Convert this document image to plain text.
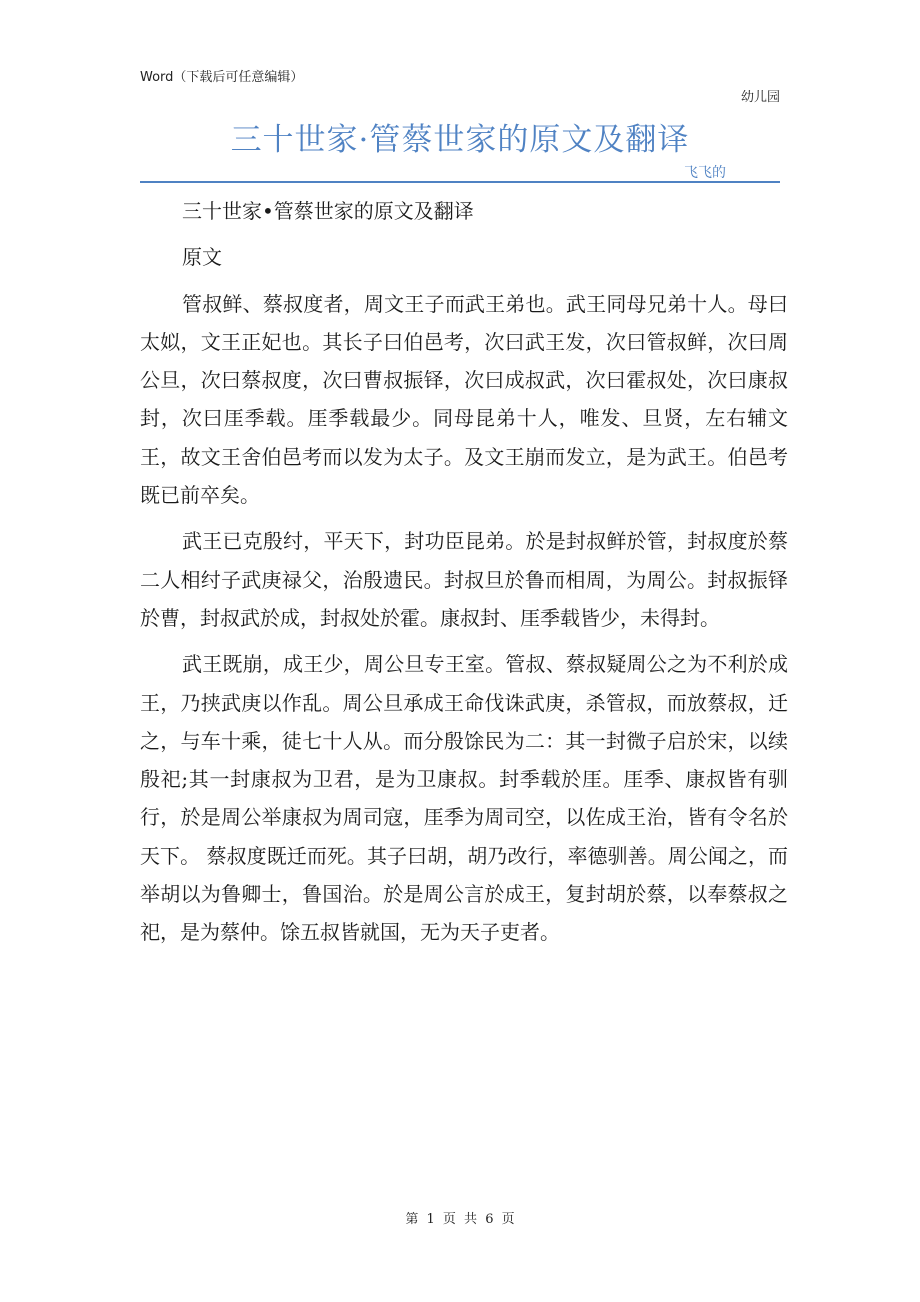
Word（下载后可任意编辑）
幼儿园
三十世家·管蔡世家的原文及翻译
飞飞的

三十世家•管蔡世家的原文及翻译

原文

管叔鲜、蔡叔度者，周文王子而武王弟也。武王同母兄弟十人。母曰太姒，文王正妃也。其长子曰伯邑考，次曰武王发，次曰管叔鲜，次曰周公旦，次曰蔡叔度，次曰曹叔振铎，次曰成叔武，次曰霍叔处，次曰康叔封，次曰厓季载。厓季载最少。同母昆弟十人，唯发、旦贤，左右辅文王，故文王舍伯邑考而以发为太子。及文王崩而发立，是为武王。伯邑考既已前卒矣。

武王已克殷纣，平天下，封功臣昆弟。於是封叔鲜於管，封叔度於蔡 二人相纣子武庚禄父，治殷遗民。封叔旦於鲁而相周，为周公。封叔振铎於曹，封叔武於成，封叔处於霍。康叔封、厓季载皆少，未得封。

武王既崩，成王少，周公旦专王室。管叔、蔡叔疑周公之为不利於成王，乃挟武庚以作乱。周公旦承成王命伐诛武庚，杀管叔，而放蔡叔，迁之，与车十乘，徒七十人从。而分殷馀民为二：其一封微子启於宋，以续殷祀;其一封康叔为卫君，是为卫康叔。封季载於厓。厓季、康叔皆有驯行，於是周公举康叔为周司寇，厓季为周司空，以佐成王治，皆有令名於天下。 蔡叔度既迁而死。其子曰胡，胡乃改行，率德驯善。周公闻之，而举胡以为鲁卿士，鲁国治。於是周公言於成王，复封胡於蔡，以奉蔡叔之祀，是为蔡仲。馀五叔皆就国，无为天子吏者。

第 1 页 共 6 页
